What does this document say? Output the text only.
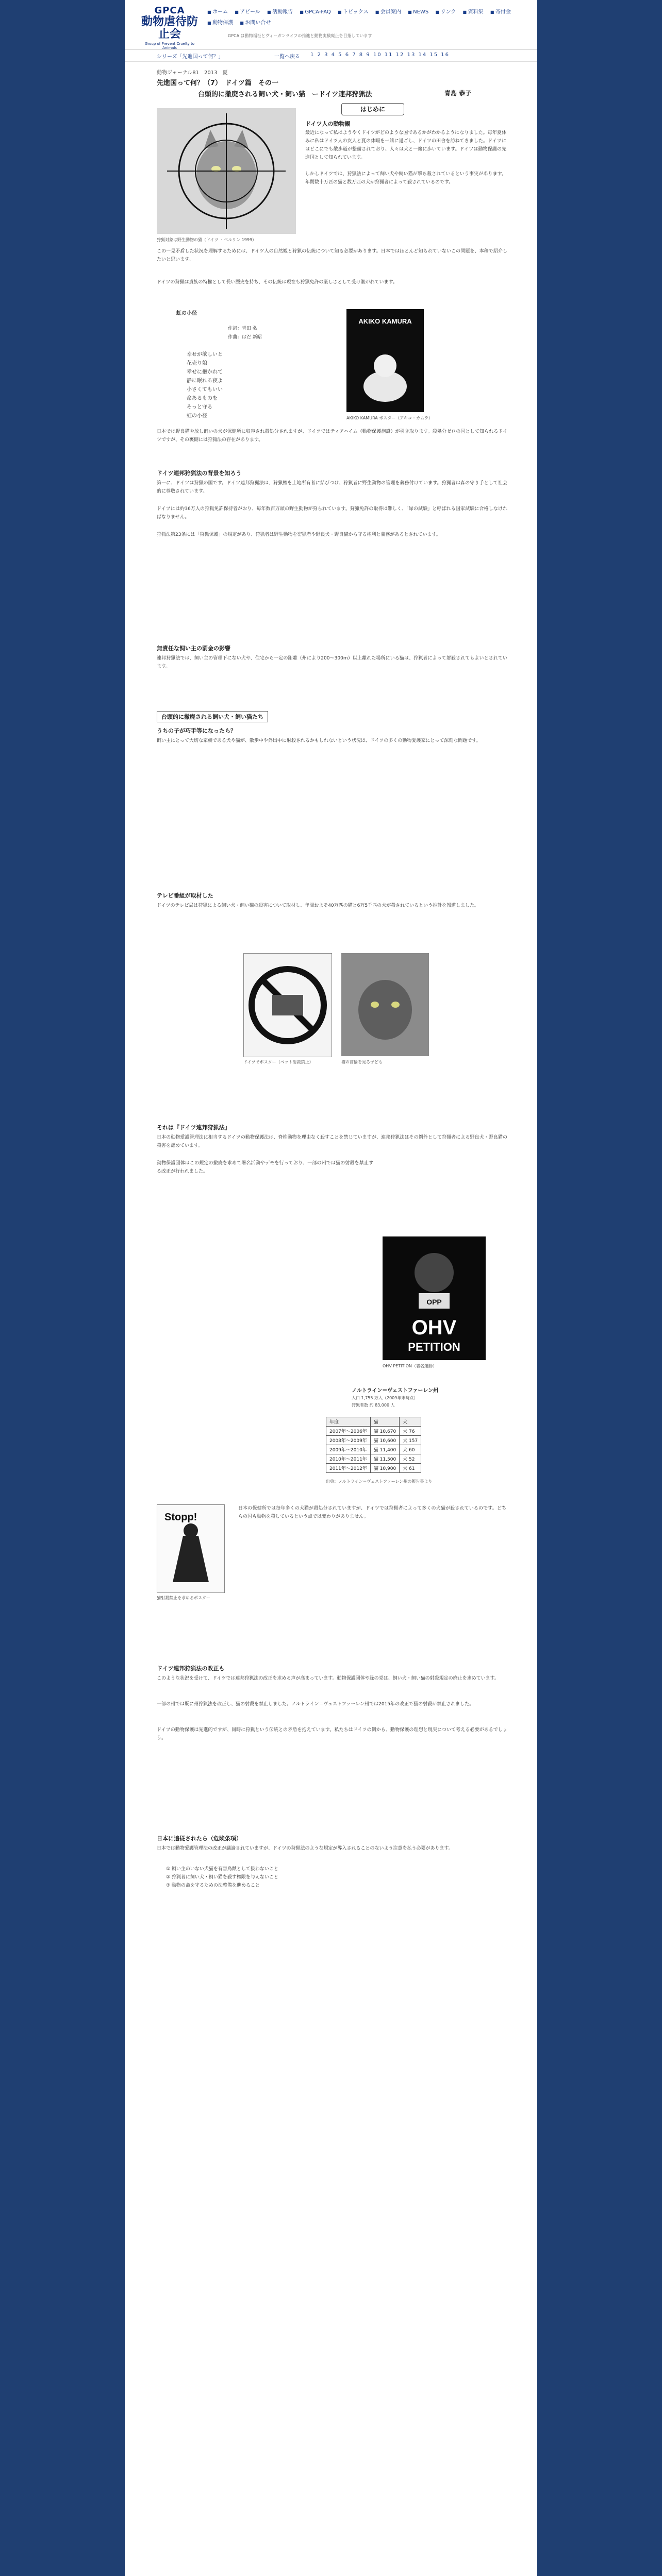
GPCA
動物虐待防止会
Group of Prevent Cruelty to Animals
■ ホーム ■ アピール ■ 活動報告 ■ GPCA-FAQ ■ トピックス ■ 会員案内 ■ NEWS ■ リンク ■ 資料集 ■ 寄付金 ■ 動物保護 ■ お問い合せ
GPCA は動物福祉とヴィーガンライフの推進と動物実験廃止を目指しています
シリーズ「先進国って何？」	一覧ヘ戻る 1 2 3 4 5 6 7 8 9 10 11 12 13 14 15 16
動物ジャーナル81　2013　夏
先進国って何？（7）　ドイツ篇　その一
台頭的に撤廃される飼い犬・飼い猫　ードイツ連邦狩猟法	青島 恭子
はじめに
狩猟対象は野生動物の猫（ドイツ ・ベルリン 1999）
ドイツ人の動物観
最近になって私はようやくドイツがどのような国であるかがわかるようになりました。毎年夏休みに私はドイツ人の友人と夏の休暇を一緒に過ごし、ドイツの田舎を訪ねてきました。ドイツにはどこにでも散歩道が整備されており、人々は犬と一緒に歩いています。ドイツは動物保護の先進国として知られています。
しかしドイツでは、狩猟法によって飼い犬や飼い猫が撃ち殺されているという事実があります。年間数十万匹の猫と数万匹の犬が狩猟者によって殺されているのです。
この一見矛盾した状況を理解するためには、ドイツ人の自然観と狩猟の伝統について知る必要があります。日本ではほとんど知られていないこの問題を、本稿で紹介したいと思います。
ドイツの狩猟は貴族の特権として長い歴史を持ち、その伝統は現在も狩猟免許の厳しさとして受け継がれています。
虹の小径
作詞：青田 弘
作曲：はだ 新昭
幸せが欲しいと
花売り娘
幸せに抱かれて
静に眠れる夜よ
小さくてもいい
命あるものを
そっと守る
虹の小径
AKIKO KAMURA
AKIKO KAMURA ポスター（アキコ・カムラ）
日本では野良猫や放し飼いの犬が保健所に収容され殺処分されますが、ドイツではティアハイム（動物保護施設）が引き取ります。殺処分ゼロの国として知られるドイツですが、その裏側には狩猟法の存在があります。
ドイツ連邦狩猟法の背景を知ろう
第一に、ドイツは狩猟の国です。ドイツ連邦狩猟法は、狩猟権を土地所有者に結びつけ、狩猟者に野生動物の管理を義務付けています。狩猟者は森の守り手として社会的に尊敬されています。
ドイツには約36万人の狩猟免許保持者がおり、毎年数百万頭の野生動物が狩られています。狩猟免許の取得は難しく、「緑の試験」と呼ばれる国家試験に合格しなければなりません。
狩猟法第23条には「狩猟保護」の規定があり、狩猟者は野生動物を密猟者や野良犬・野良猫から守る権利と義務があるとされています。
無責任な飼い主の罰金の影響
連邦狩猟法では、飼い主の管理下にない犬や、住宅から一定の距離（州により200〜300m）以上離れた場所にいる猫は、狩猟者によって射殺されてもよいとされています。
台頭的に撤廃される飼い犬・飼い猫たち
うちの子が巧手等になったら？
飼い主にとって大切な家族である犬や猫が、散歩中や外出中に射殺されるかもしれないという状況は、ドイツの多くの動物愛護家にとって深刻な問題です。
テレビ番組が取材した
ドイツのテレビ局は狩猟による飼い犬・飼い猫の殺害について取材し、年間およそ40万匹の猫と6万5千匹の犬が殺されているという推計を報道しました。
ドイツでポスター（ペット射殺禁止）	猫の首輪を見る子ども
それは『ドイツ連邦狩猟法』
日本の動物愛護管理法に相当するドイツの動物保護法は、脊椎動物を理由なく殺すことを禁じていますが、連邦狩猟法はその例外として狩猟者による野良犬・野良猫の殺害を認めています。
動物保護団体はこの規定の撤廃を求めて署名活動やデモを行っており、一部の州では猫の射殺を禁止する改正が行われました。
OPP
OHV
PETITION
OHV PETITION（署名運動）
ノルトライン＝ヴェストファーレン州
人口 1,755 万人（2009年末時点）
狩猟者数 約 83,000 人
年度	猫	犬
2007年〜2006年	猫 10,670	犬 76
2008年〜2009年	猫 10,600	犬 157
2009年〜2010年	猫 11,400	犬 60
2010年〜2011年	猫 11,500	犬 52
2011年〜2012年	猫 10,900	犬 61
出典：ノルトライン＝ヴェストファーレン州の報告書より
Stopp!
猫射殺禁止を求めるポスター
日本の保健所では毎年多くの犬猫が殺処分されていますが、ドイツでは狩猟者によって多くの犬猫が殺されているのです。どちらの国も動物を殺しているという点では変わりがありません。
ドイツ連邦狩猟法の改正も
このような状況を受けて、ドイツでは連邦狩猟法の改正を求める声が高まっています。動物保護団体や緑の党は、飼い犬・飼い猫の射殺規定の廃止を求めています。
一部の州では既に州狩猟法を改正し、猫の射殺を禁止しました。ノルトライン＝ヴェストファーレン州では2015年の改正で猫の射殺が禁止されました。
ドイツの動物保護は先進的ですが、同時に狩猟という伝統との矛盾を抱えています。私たちはドイツの例から、動物保護の理想と現実について考える必要があるでしょう。
日本に追従されたら（危険条項）
日本では動物愛護管理法の改正が議論されていますが、ドイツの狩猟法のような規定が導入されることのないよう注意を払う必要があります。
① 飼い主のいない犬猫を有害鳥獣として扱わないこと
② 狩猟者に飼い犬・飼い猫を殺す権限を与えないこと
③ 動物の命を守るための法整備を進めること
